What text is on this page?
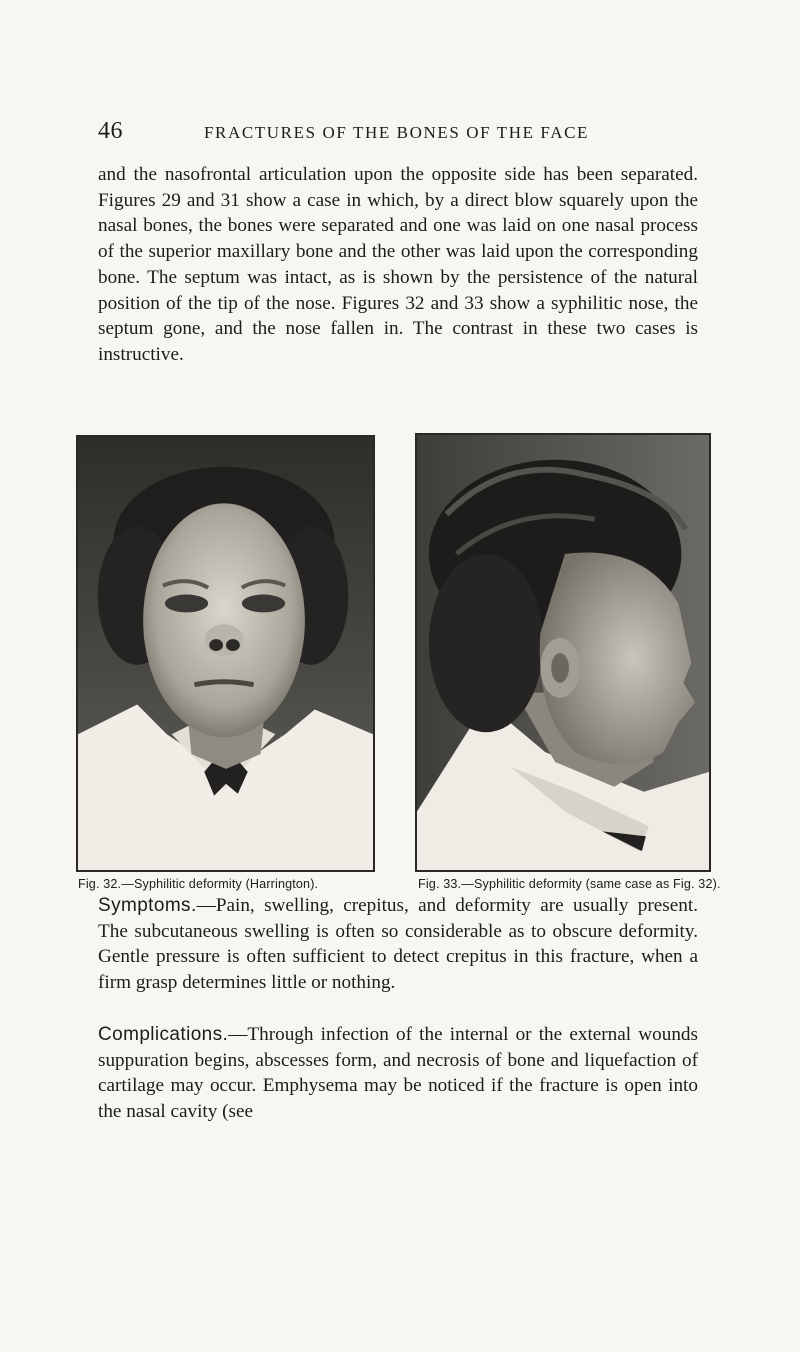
46	FRACTURES OF THE BONES OF THE FACE

and the nasofrontal articulation upon the opposite side has been separated. Figures 29 and 31 show a case in which, by a direct blow squarely upon the nasal bones, the bones were separated and one was laid on one nasal process of the superior maxillary bone and the other was laid upon the corresponding bone. The septum was intact, as is shown by the persistence of the natural position of the tip of the nose. Figures 32 and 33 show a syphilitic nose, the septum gone, and the nose fallen in. The contrast in these two cases is instructive.

Fig. 32.—Syphilitic deformity (Harrington).	Fig. 33.—Syphilitic deformity (same case as Fig. 32).

Symptoms.—Pain, swelling, crepitus, and deformity are usually present. The subcutaneous swelling is often so considerable as to obscure deformity. Gentle pressure is often sufficient to detect crepitus in this fracture, when a firm grasp determines little or nothing.

Complications.—Through infection of the internal or the external wounds suppuration begins, abscesses form, and necrosis of bone and liquefaction of cartilage may occur. Emphysema may be noticed if the fracture is open into the nasal cavity (see
